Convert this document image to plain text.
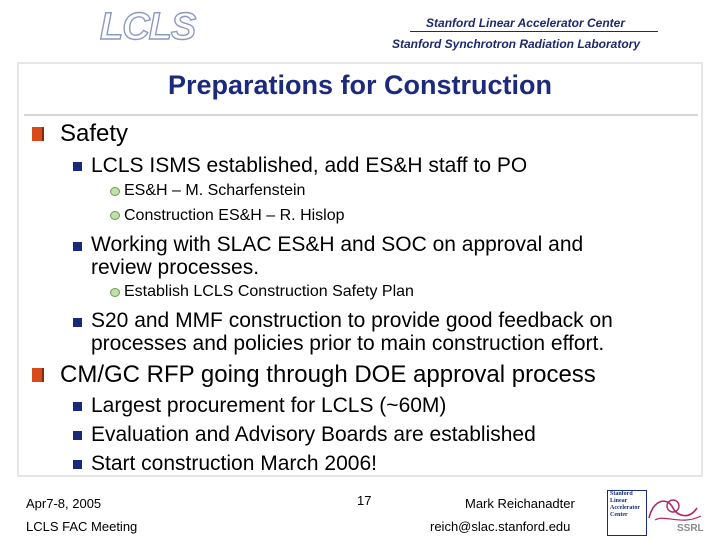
LCLS	Stanford Linear Accelerator Center
Stanford Synchrotron Radiation Laboratory
Preparations for Construction
Safety
LCLS ISMS established, add ES&H staff to PO
ES&H – M. Scharfenstein
Construction ES&H – R. Hislop
Working with SLAC ES&H and SOC on approval and
review processes.
Establish LCLS Construction Safety Plan
S20 and MMF construction to provide good feedback on
processes and policies prior to main construction effort.
CM/GC RFP going through DOE approval process
Largest procurement for LCLS (~60M)
Evaluation and Advisory Boards are established
Start construction March 2006!
Apr7-8, 2005
LCLS FAC Meeting
17	Mark Reichanadter
reich@slac.stanford.edu
Stanford
Linear
Accelerator
Center
SSRL
